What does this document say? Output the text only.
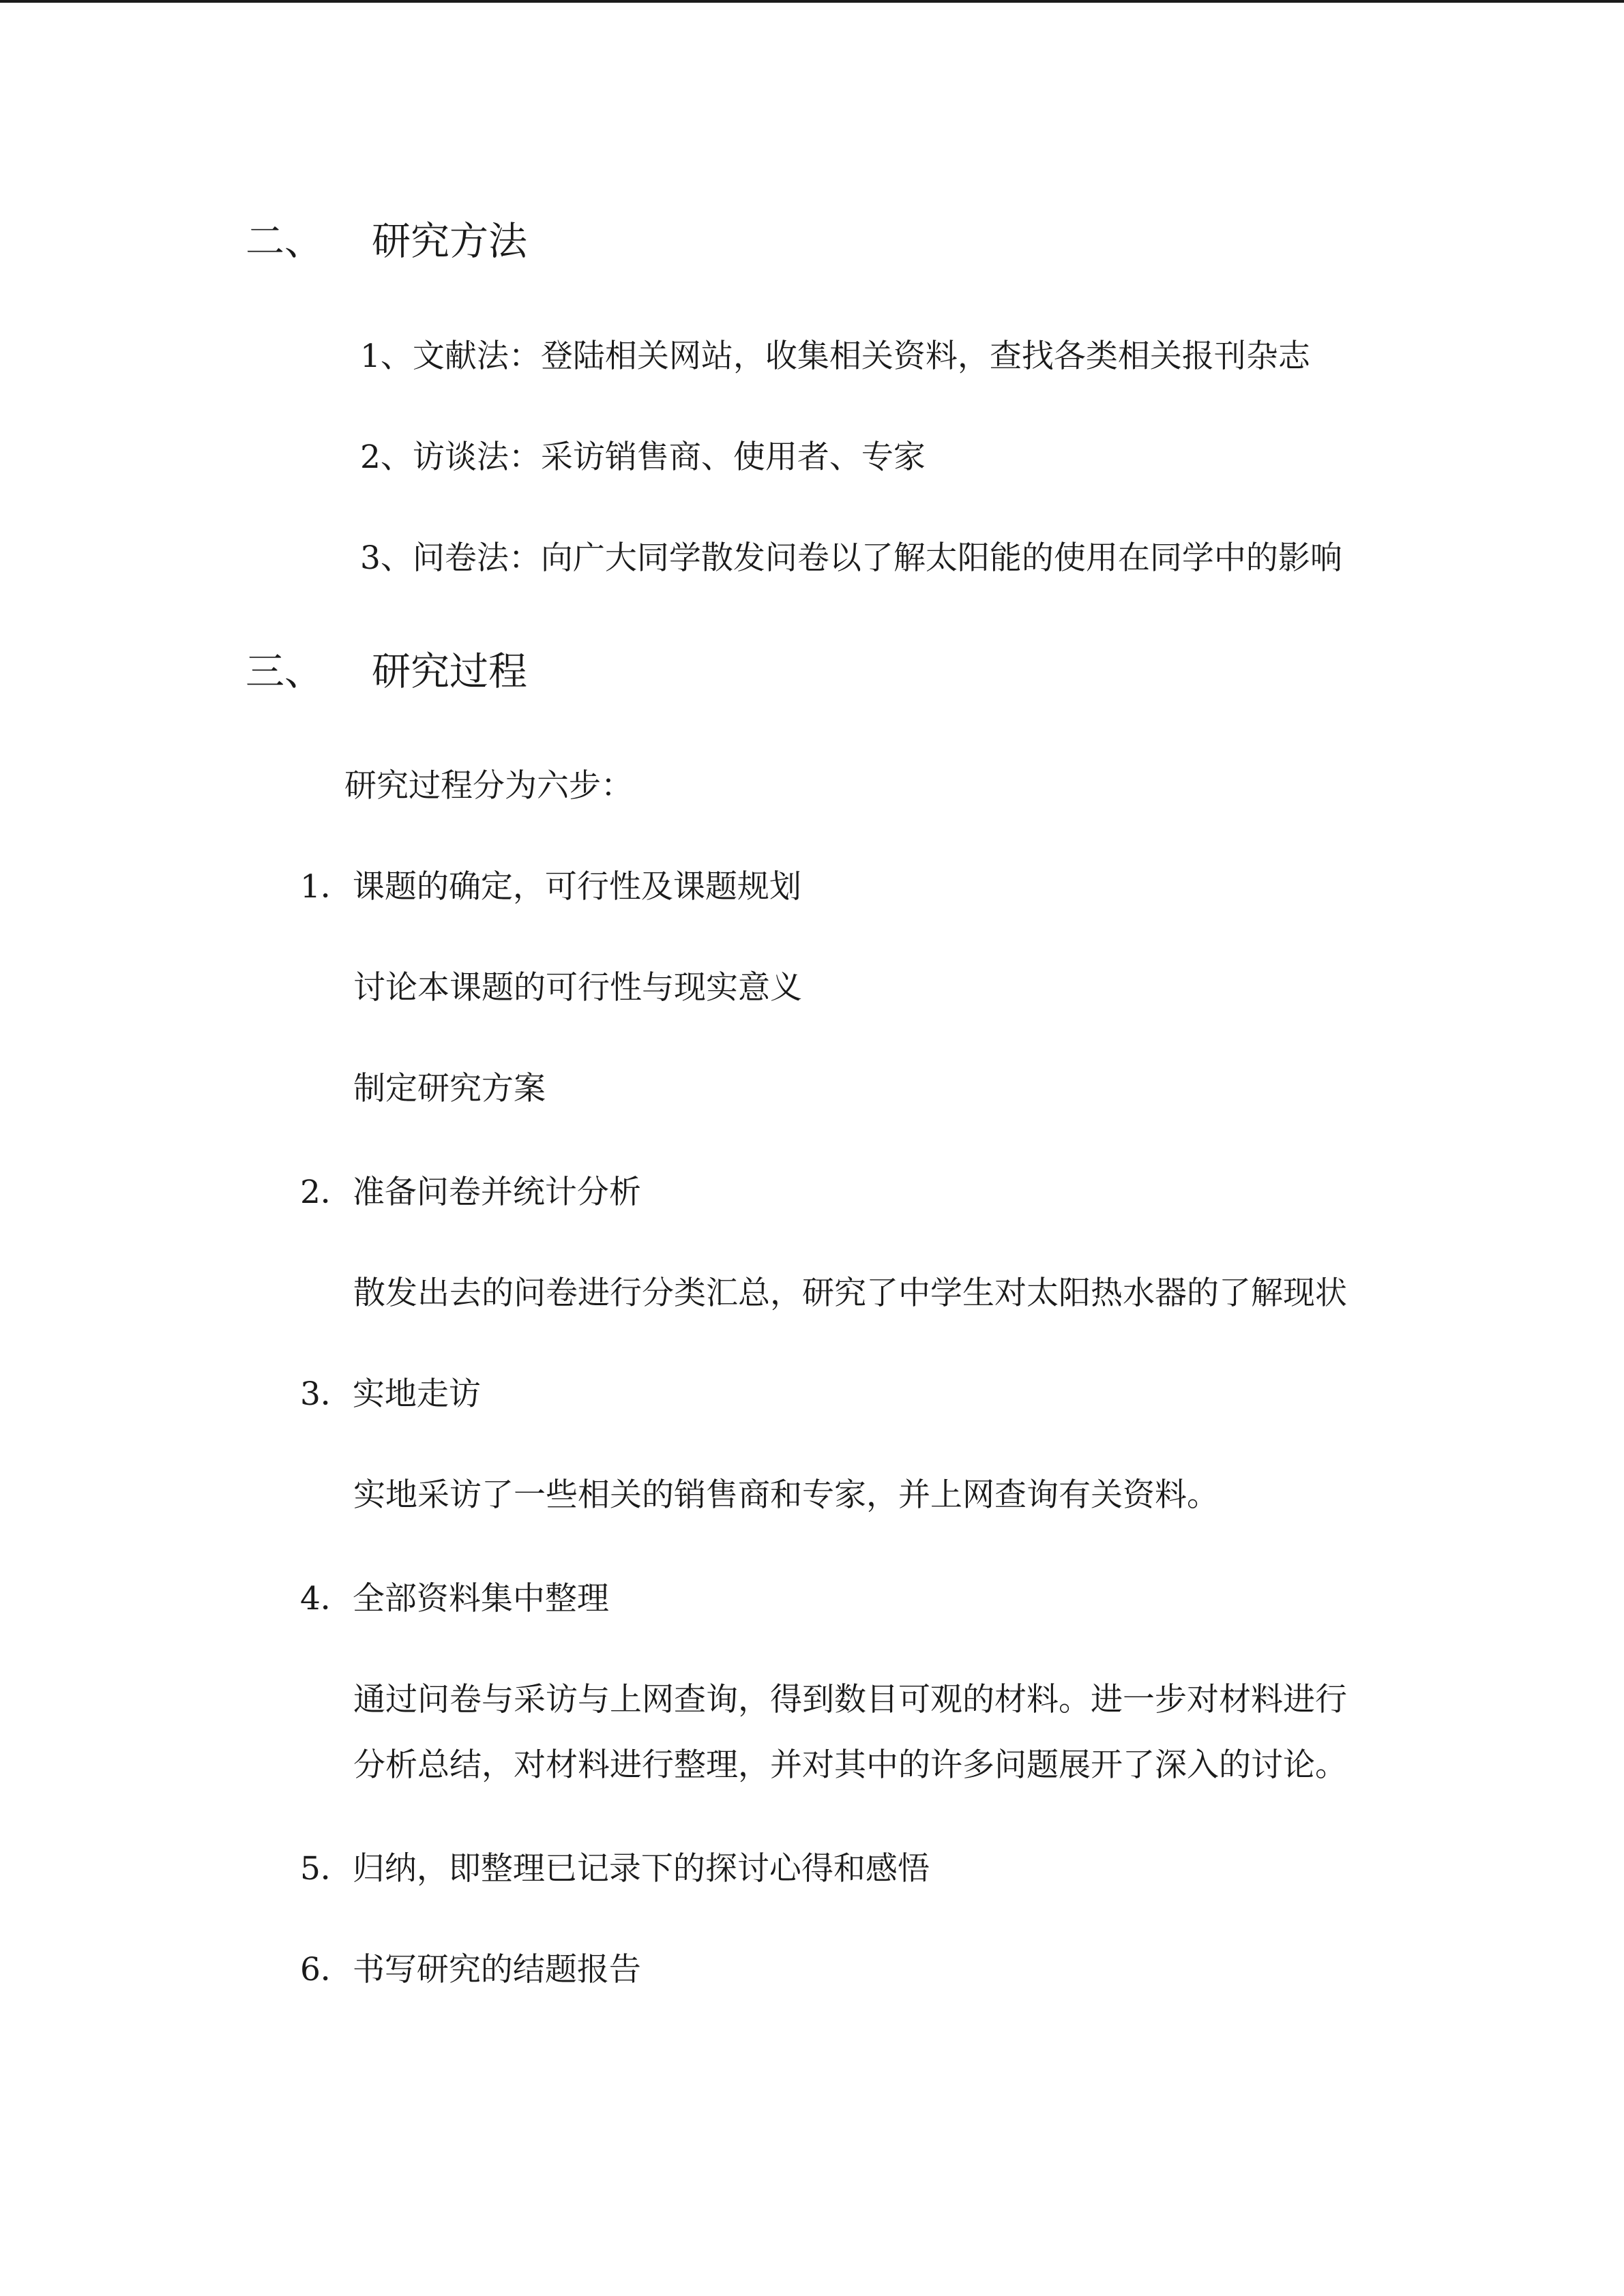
二、 研究方法
1、文献法：登陆相关网站，收集相关资料，查找各类相关报刊杂志
2、访谈法：采访销售商、使用者、专家
3、问卷法：向广大同学散发问卷以了解太阳能的使用在同学中的影响
三、 研究过程
研究过程分为六步：
1．课题的确定，可行性及课题规划
讨论本课题的可行性与现实意义
制定研究方案
2．准备问卷并统计分析
散发出去的问卷进行分类汇总，研究了中学生对太阳热水器的了解现状
3．实地走访
实地采访了一些相关的销售商和专家，并上网查询有关资料。
4．全部资料集中整理
通过问卷与采访与上网查询，得到数目可观的材料。进一步对材料进行
分析总结，对材料进行整理，并对其中的许多问题展开了深入的讨论。
5．归纳，即整理已记录下的探讨心得和感悟
6．书写研究的结题报告
